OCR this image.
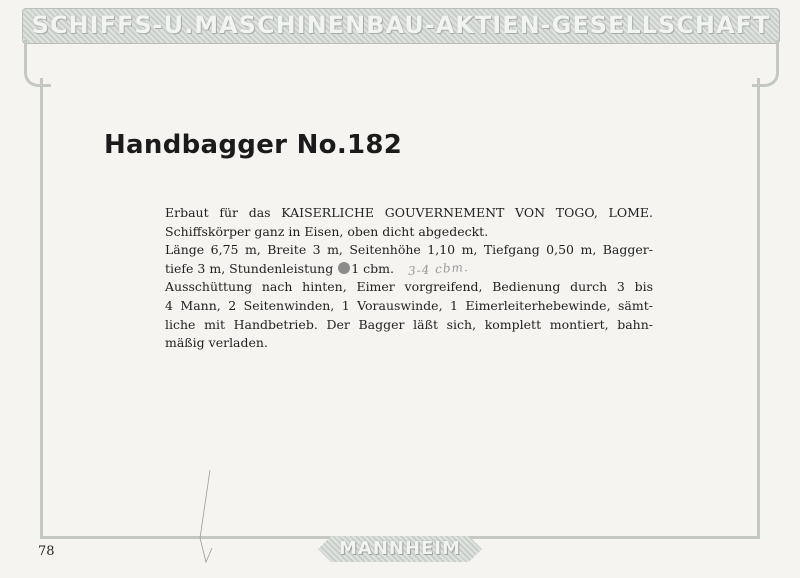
SCHIFFS-U.MASCHINENBAU-AKTIEN-GESELLSCHAFT
MANNHEIM
Handbagger No.182
Erbaut für das KAISERLICHE GOUVERNEMENT VON TOGO, LOME.
Schiffskörper ganz in Eisen, oben dicht abgedeckt.
Länge 6,75 m, Breite 3 m, Seitenhöhe 1,10 m, Tiefgang 0,50 m, Bagger-
tiefe 3 m, Stundenleistung 1 cbm. 3-4 cbm.
Ausschüttung nach hinten, Eimer vorgreifend, Bedienung durch 3 bis
4 Mann, 2 Seitenwinden, 1 Vorauswinde, 1 Eimerleiterhebewinde, sämt-
liche mit Handbetrieb. Der Bagger läßt sich, komplett montiert, bahn-
mäßig verladen.
78
